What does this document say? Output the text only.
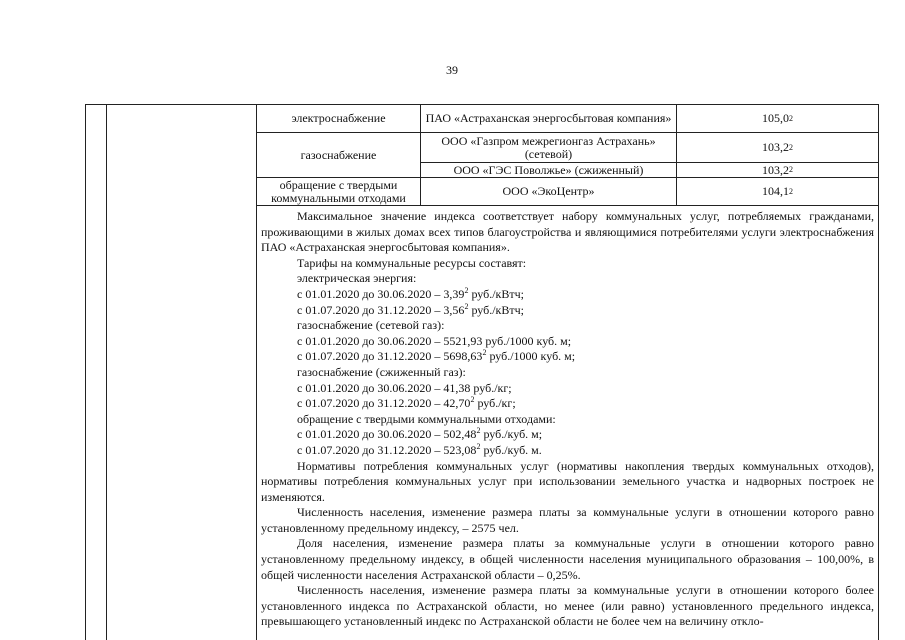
39
электроснабжение	ПАО «Астраханская энергосбытовая компания»	105,0 2
газоснабжение
ООО «Газпром межрегионгаз Астрахань» (сетевой)	103,2 2
ООО «ГЭС Поволжье» (сжиженный)	103,2 2
обращение с твердыми коммунальными отходами	ООО «ЭкоЦентр»	104,1 2

Максимальное значение индекса соответствует набору коммунальных услуг, потребляемых гражданами, проживающими в жилых домах всех типов благоустройства и являющимися потребителями услуги электроснабжения ПАО «Астраханская энергосбытовая компания».

Тарифы на коммунальные ресурсы составят:

электрическая энергия:

с 01.01.2020 до 30.06.2020 – 3,39$^2$ руб./кВтч;

с 01.07.2020 до 31.12.2020 – 3,56$^2$ руб./кВтч;

газоснабжение (сетевой газ):

с 01.01.2020 до 30.06.2020 – 5521,93 руб./1000 куб. м;

с 01.07.2020 до 31.12.2020 – 5698,63$^2$ руб./1000 куб. м;

газоснабжение (сжиженный газ):

с 01.01.2020 до 30.06.2020 – 41,38 руб./кг;

с 01.07.2020 до 31.12.2020 – 42,70$^2$ руб./кг;

обращение с твердыми коммунальными отходами:

с 01.01.2020 до 30.06.2020 – 502,48$^2$ руб./куб. м;

с 01.07.2020 до 31.12.2020 – 523,08$^2$ руб./куб. м.

Нормативы потребления коммунальных услуг (нормативы накопления твердых коммунальных отходов), нормативы потребления коммунальных услуг при использовании земельного участка и надворных построек не изменяются.

Численность населения, изменение размера платы за коммунальные услуги в отношении которого равно установленному предельному индексу, – 2575 чел.

Доля населения, изменение размера платы за коммунальные услуги в отношении которого равно установленному предельному индексу, в общей численности населения муниципального образования – 100,00%, в общей численности населения Астраханской области – 0,25%.

Численность населения, изменение размера платы за коммунальные услуги в отношении которого более установленного индекса по Астраханской области, но менее (или равно) установленного предельного индекса, превышающего установленный индекс по Астраханской области не более чем на величину откло-
